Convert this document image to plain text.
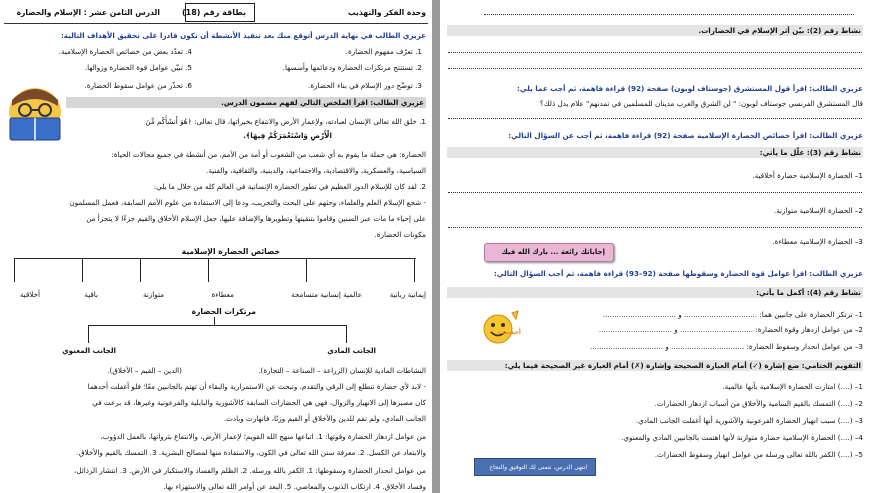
وحدة الفكر والتهذيب
بطاقة رقم (18)
الدرس الثامن عشر : الإسلام والحضارة
عزيزي الطالب في نهاية الدرس أتوقع منك بعد تنفيذ الأنشطة أن تكون قادرا على تحقيق الأهداف التالية:
1. تعرّف مفهوم الحضارة.
4. تعدّد بعض من خصائص الحضارة الإسلامية.
2. تستنتج مرتكزات الحضارة ودعائمها وأسسها.
5. تبيّن عوامل قوة الحضارة وزوالها.
3. توضّح دور الإسلام في بناء الحضارة.
6. تحذّر من عوامل سقوط الحضارة.
عزيزي الطالب: اقرأ الملخص التالي لفهم مضمون الدرس.
1. خلق الله تعالى الإنسان لعبادته، ولإعمار الأرض والانتفاع بخيراتها، قال تعالى: ﴿هُوَ أَنشَأَكُم مِّنَ
الْأَرْضِ وَاسْتَعْمَرَكُمْ فِيهَا﴾.
الحضارة: هي جملة ما يقوم به أي شعب من الشعوب أو أمة من الأمم، من أنشطة في جميع مجالات الحياة:
السياسية، والعسكرية، والاقتصادية، والاجتماعية، والدينية، والثقافية، والفنية.
2. لقد كان للإسلام الدور العظيم في تطور الحضارة الإنسانية في العالم كله من خلال ما يلي:
- شجع الإسلام العلم والعلماء، وحثهم على البحث والتجريب، ودعا إلى الاستفادة من علوم الأمم السابقة، فعمل المسلمون
على إحياء ما مات عبر السنين وقاموا بتنقيتها وتطويرها والإضافة عليها، جعل الإسلام الأخلاق والقيم جزءًا لا يتجزأ من
مكونات الحضارة.
خصائص الحضارة الإسلامية
إيمانية ربانية
عالمية إنسانية متسامحة
معطاءة
متوازنة
باقية
أخلاقية
مرتكزات الحضارة
الجانب المادي
الجانب المعنوي
النشاطات المادية للإنسان (الزراعة – الصناعة – التجارة).
(الدين – القيم – الأخلاق).
- لابد لأي حضارة تتطلع إلى الرقي والتقدم، وتبحث عن الاستمرارية والبقاء أن تهتم بالجانبين معًا؛ فلو أغفلت أحدهما
كان مصيرها إلى الانهيار والزوال، فهي هي الحضارات السابقة كالآشورية والبابلية والفرعونية وغيرها، قد برعت في
الجانب المادي، ولم تقم للدين والأخلاق أو القيم وزنًا، فانهارت وبادت.
من عوامل ازدهار الحضارة وقوتها: 1. اتباعها منهج الله القويم؛ لإعمار الأرض، والانتفاع بثرواتها، بالعمل الدؤوب،
والابتعاد عن الكسل. 2. معرفة سنن الله تعالى في الكون، والاستفادة منها لمصالح البشرية. 3. التمسك بالقيم والأخلاق.
من عوامل انحدار الحضارة وسقوطها: 1. الكفر بالله ورسله. 2. الظلم والفساد والاستكبار في الأرض. 3. انتشار الرذائل،
وفساد الأخلاق. 4. ارتكاب الذنوب والمعاصي. 5. البعد عن أوامر الله تعالى والاستهزاء بها.
نشاط رقم (2): بيّن أثر الإسلام في الحضارات.
عزيزي الطالب: اقرأ قول المستشرق (جوستاف لوبون) صفحة (92) قراءة فاهمة، ثم أجب عما يلي:
قال المستشرق الفرنسي جوستاف لوبون: " لن الشرق والغرب مدينان للمسلمين في تمدنهم" علام يدل ذلك؟
عزيزي الطالب: اقرأ خصائص الحضارة الإسلامية صفحة (92) قراءة فاهمة، ثم أجب عن السؤال التالي:
نشاط رقم (3): علّل ما يأتي:
1– الحضارة الإسلامية حضارة أخلاقية.
2– الحضارة الإسلامية متوازنة.
3– الحضارة الإسلامية معطاءة.
إجاباتك رائعة ... بارك الله فيك
عزيزي الطالب: اقرأ عوامل قوة الحضارة وسقوطها صفحة (92–93) قراءة فاهمة، ثم أجب السؤال التالي:
نشاط رقم (4): أكمل ما يأتي:
1– ترتكز الحضارة على جانبين هما: ................................ و ................................
2– من عوامل ازدهار وقوة الحضارة: ................................ و ................................
3– من عوامل انحدار وسقوط الحضارة: ................................ و ................................
أحسنت
التقويم الختامي: ضع إشارة (✓) أمام العبارة الصحيحة وإشارة (✗) أمام العبارة غير الصحيحة فيما يلي:
1– (....) امتازت الحضارة الإسلامية بأنها عالمية.
2– (....) التمسك بالقيم السامية والأخلاق من أسباب ازدهار الحضارات.
3– (....) سبب انهيار الحضارة الفرعونية والآشورية أنها أغفلت الجانب المادي.
4– (....) الحضارة الإسلامية حضارة متوازنة لأنها اهتمت بالجانبين المادي والمعنوي.
5– (....) الكفر بالله تعالى ورسله من عوامل انهيار وسقوط الحضارات.
انتهى الدرس، نتمنى لك التوفيق والنجاح
